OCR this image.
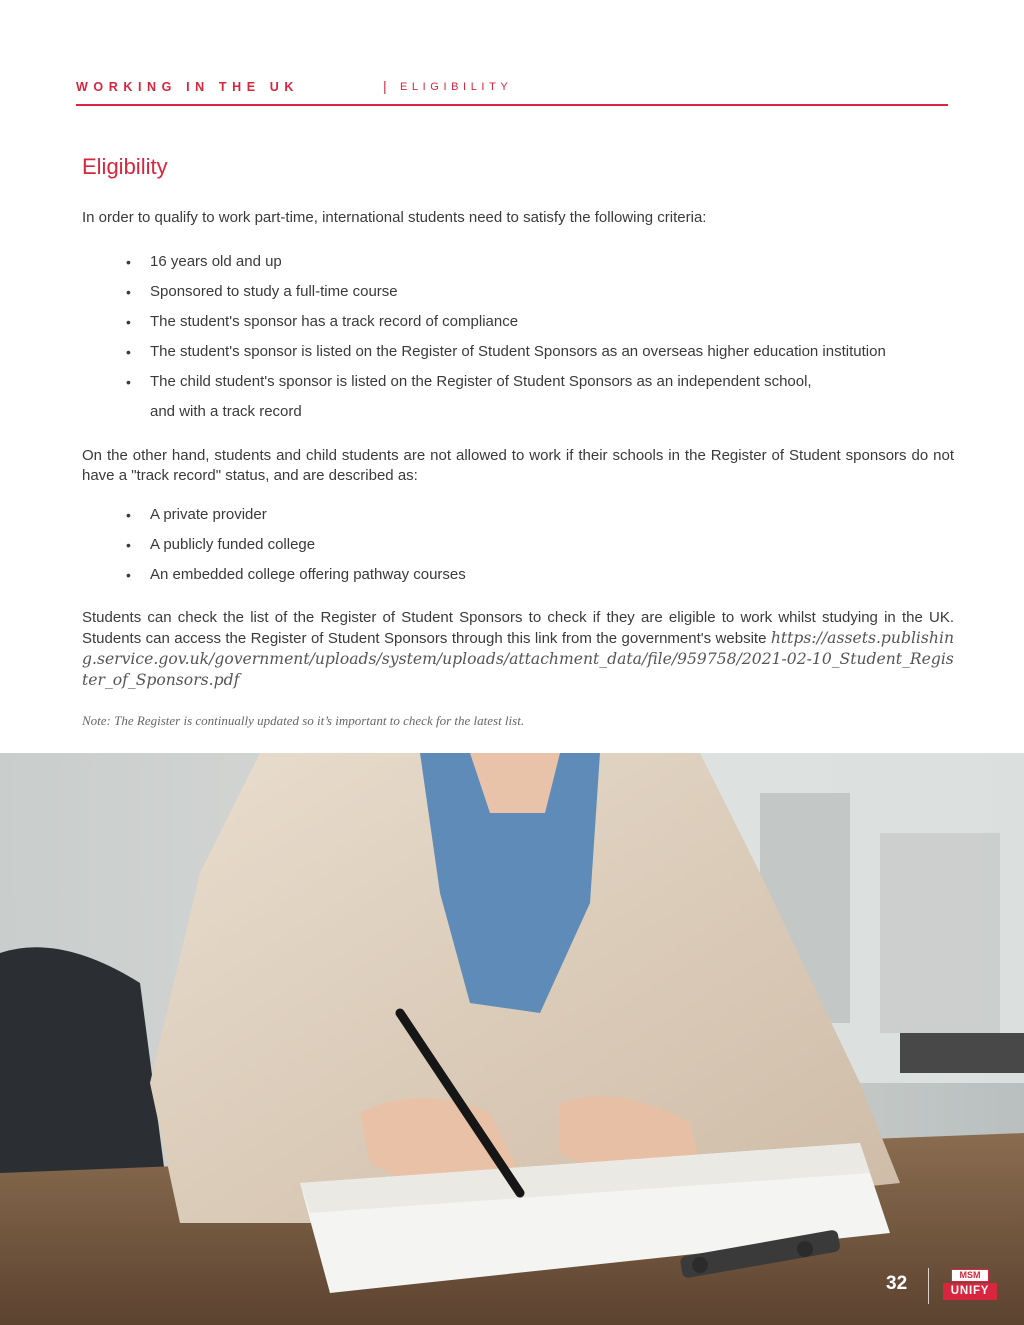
WORKING IN THE UK	| ELIGIBILITY
Eligibility

In order to qualify to work part-time, international students need to satisfy the following criteria:

• 16 years old and up
• Sponsored to study a full-time course
• The student's sponsor has a track record of compliance
• The student's sponsor is listed on the Register of Student Sponsors as an overseas higher education institution
• The child student's sponsor is listed on the Register of Student Sponsors as an independent school,
and with a track record

On the other hand, students and child students are not allowed to work if their schools in the Register of Student sponsors do not have a "track record" status, and are described as:

• A private provider
• A publicly funded college
• An embedded college offering pathway courses
Students can check the list of the Register of Student Sponsors to check if they are eligible to work whilst studying in the UK. Students can access the Register of Student Sponsors through this link from the government's website https://assets.publishing.service.gov.uk/government/uploads/system/uploads/attachment_data/file/959758/2021-02-10_Student_Register_of_Sponsors.pdf

Note: The Register is continually updated so it’s important to check for the latest list.

32	MSM
UNIFY
